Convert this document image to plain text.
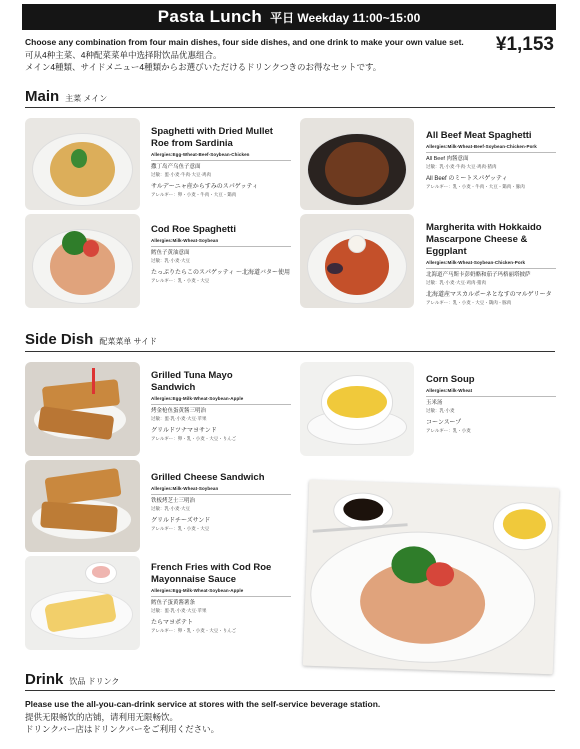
Pasta Lunch 平日 Weekday 11:00~15:00
Choose any combination from four main dishes, four side dishes, and one drink to make your own value set.
可从4种主菜、4种配菜菜单中选择附饮品优惠组合。
メイン4種類、サイドメニュー4種類からお選びいただけるドリンクつきのお得なセットです。
¥1,153
Main 主菜 メイン
Spaghetti with Dried Mullet Roe from Sardinia
Allergies:Egg-Wheat-Beef-Soybean-Chicken
撒丁岛产乌鱼子意面
过敏：蛋·小麦·牛肉·大豆·鸡肉
サルデーニャ産からすみのスパゲッティ
アレルギー：卵・小麦・牛肉・大豆・鶏肉
All Beef Meat Spaghetti
Allergies:Milk-Wheat-Beef-Soybean-Chicken-Pork
All Beef 肉酱意面
过敏：乳·小麦·牛肉·大豆·鸡肉·猪肉
All Beef のミートスパゲッティ
アレルギー：乳・小麦・牛肉・大豆・鶏肉・豚肉
Cod Roe Spaghetti
Allergies:Milk-Wheat-Soybean
鳕鱼子黄油意面
过敏：乳·小麦·大豆
たっぷりたらこのスパゲッティ ～北海道バター使用
アレルギー：乳・小麦・大豆
Margherita with Hokkaido Mascarpone Cheese & Eggplant
Allergies:Milk-Wheat-Soybean-Chicken-Pork
北海道产马斯卡彭奶酪和茄子玛格丽塔披萨
过敏：乳·小麦·大豆·鸡肉·猪肉
北海道産マスカルポーネとなすのマルゲリータ
アレルギー：乳・小麦・大豆・鶏肉・豚肉
Side Dish 配菜菜单 サイド
Grilled Tuna Mayo Sandwich
Allergies:Egg-Milk-Wheat-Soybean-Apple
烤金枪鱼蛋黄酱三明治
过敏：蛋·乳·小麦·大豆·苹果
グリルドツナマヨサンド
アレルギー：卵・乳・小麦・大豆・りんご
Corn Soup
Allergies:Milk-Wheat
玉米汤
过敏：乳·小麦
コーンスープ
アレルギー：乳・小麦
Grilled Cheese Sandwich
Allergies:Milk-Wheat-Soybean
铁板烤芝士三明治
过敏：乳·小麦·大豆
グリルドチーズサンド
アレルギー：乳・小麦・大豆
French Fries with Cod Roe Mayonnaise Sauce
Allergies:Egg-Milk-Wheat-Soybean-Apple
鳕鱼子蛋黄酱薯条
过敏：蛋·乳·小麦·大豆·苹果
たらマヨポテト
アレルギー：卵・乳・小麦・大豆・りんご
Drink 饮品 ドリンク
Please use the all-you-can-drink service at stores with the self-service beverage station.
提供无限畅饮的店铺，请利用无限畅饮。
ドリンクバー店はドリンクバーをご利用ください。
